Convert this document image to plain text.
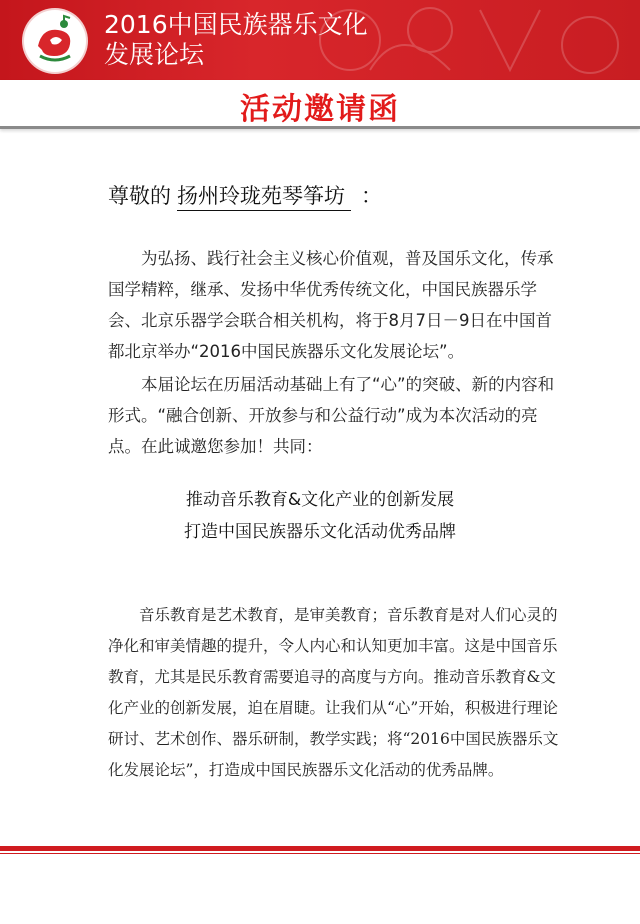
2016中国民族器乐文化
发展论坛
活动邀请函
尊敬的 扬州玲珑苑琴筝坊 ：
为弘扬、践行社会主义核心价值观，普及国乐文化，传承国学精粹，继承、发扬中华优秀传统文化，中国民族器乐学会、北京乐器学会联合相关机构，将于8月7日－9日在中国首都北京举办“2016中国民族器乐文化发展论坛”。
本届论坛在历届活动基础上有了“心”的突破、新的内容和形式。“融合创新、开放参与和公益行动”成为本次活动的亮点。在此诚邀您参加！共同：
推动音乐教育&文化产业的创新发展
打造中国民族器乐文化活动优秀品牌
音乐教育是艺术教育，是审美教育；音乐教育是对人们心灵的净化和审美情趣的提升，令人内心和认知更加丰富。这是中国音乐教育，尤其是民乐教育需要追寻的高度与方向。推动音乐教育&文化产业的创新发展，迫在眉睫。让我们从“心”开始，积极进行理论研讨、艺术创作、器乐研制，教学实践；将“2016中国民族器乐文化发展论坛”，打造成中国民族器乐文化活动的优秀品牌。
